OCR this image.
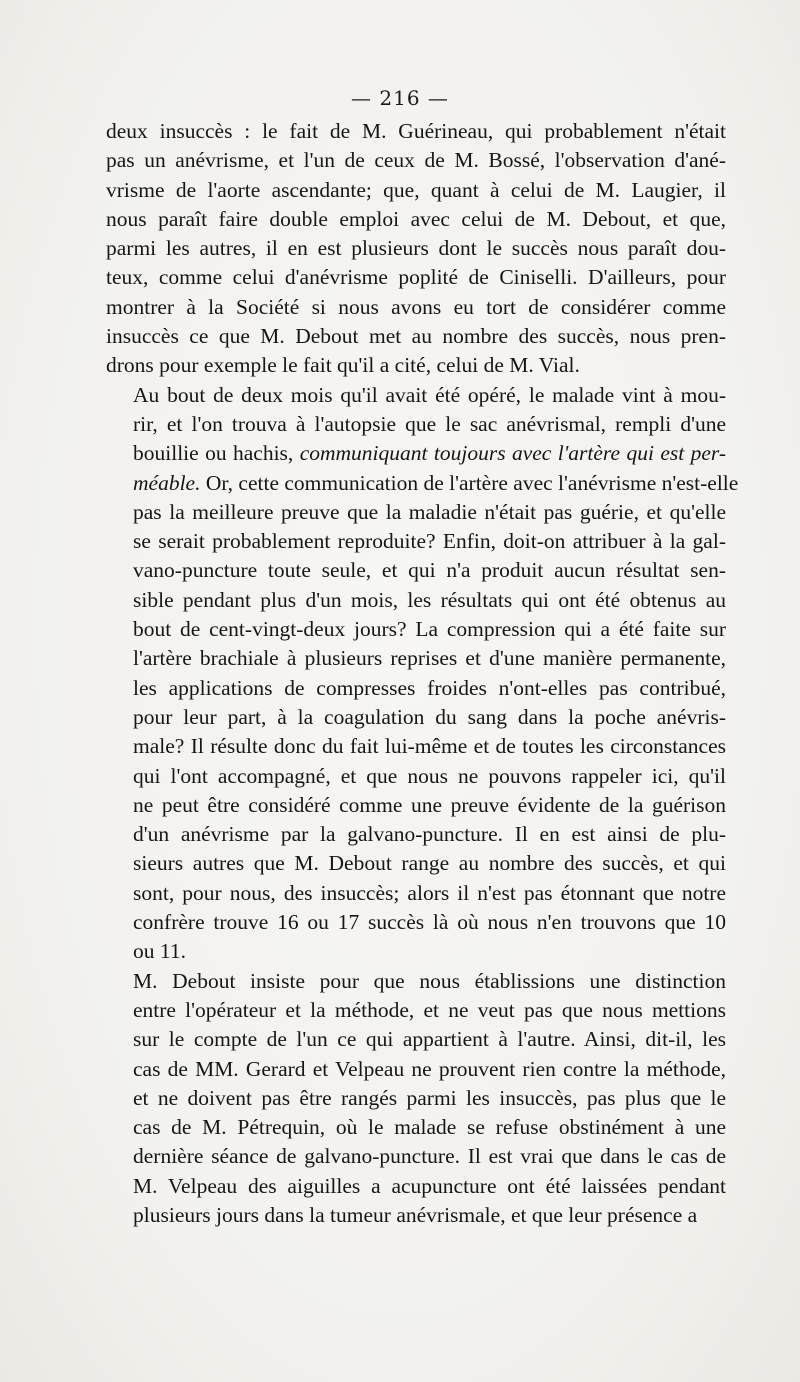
— 216 —
deux insuccès : le fait de M. Guérineau, qui probablement n'était
pas un anévrisme, et l'un de ceux de M. Bossé, l'observation d'ané-
vrisme de l'aorte ascendante; que, quant à celui de M. Laugier, il
nous paraît faire double emploi avec celui de M. Debout, et que,
parmi les autres, il en est plusieurs dont le succès nous paraît dou-
teux, comme celui d'anévrisme poplité de Ciniselli. D'ailleurs, pour
montrer à la Société si nous avons eu tort de considérer comme
insuccès ce que M. Debout met au nombre des succès, nous pren-
drons pour exemple le fait qu'il a cité, celui de M. Vial.
Au bout de deux mois qu'il avait été opéré, le malade vint à mou-
rir, et l'on trouva à l'autopsie que le sac anévrismal, rempli d'une
bouillie ou hachis, communiquant toujours avec l'artère qui est per-
méable. Or, cette communication de l'artère avec l'anévrisme n'est-elle
pas la meilleure preuve que la maladie n'était pas guérie, et qu'elle
se serait probablement reproduite? Enfin, doit-on attribuer à la gal-
vano-puncture toute seule, et qui n'a produit aucun résultat sen-
sible pendant plus d'un mois, les résultats qui ont été obtenus au
bout de cent-vingt-deux jours? La compression qui a été faite sur
l'artère brachiale à plusieurs reprises et d'une manière permanente,
les applications de compresses froides n'ont-elles pas contribué,
pour leur part, à la coagulation du sang dans la poche anévris-
male? Il résulte donc du fait lui-même et de toutes les circonstances
qui l'ont accompagné, et que nous ne pouvons rappeler ici, qu'il
ne peut être considéré comme une preuve évidente de la guérison
d'un anévrisme par la galvano-puncture. Il en est ainsi de plu-
sieurs autres que M. Debout range au nombre des succès, et qui
sont, pour nous, des insuccès; alors il n'est pas étonnant que notre
confrère trouve 16 ou 17 succès là où nous n'en trouvons que 10
ou 11.
M. Debout insiste pour que nous établissions une distinction
entre l'opérateur et la méthode, et ne veut pas que nous mettions
sur le compte de l'un ce qui appartient à l'autre. Ainsi, dit-il, les
cas de MM. Gerard et Velpeau ne prouvent rien contre la méthode,
et ne doivent pas être rangés parmi les insuccès, pas plus que le
cas de M. Pétrequin, où le malade se refuse obstinément à une
dernière séance de galvano-puncture. Il est vrai que dans le cas de
M. Velpeau des aiguilles a acupuncture ont été laissées pendant
plusieurs jours dans la tumeur anévrismale, et que leur présence a
